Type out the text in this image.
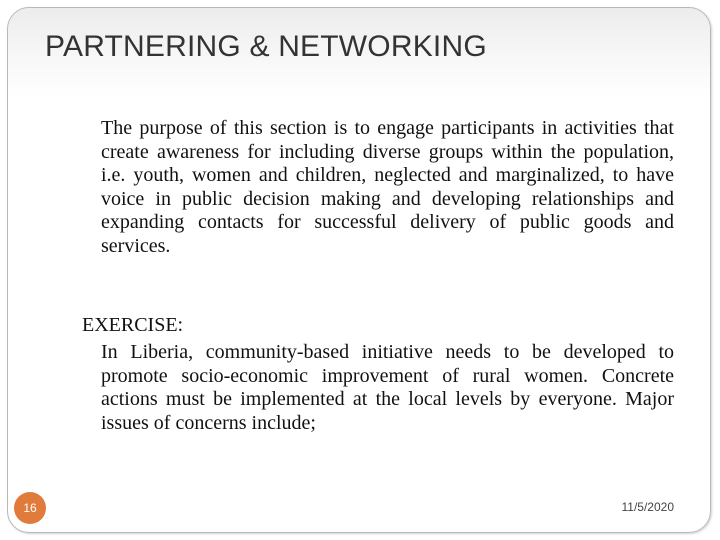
PARTNERING & NETWORKING
The purpose of this section is to engage participants in activities that create awareness for including diverse groups within the population, i.e. youth, women and children, neglected and marginalized, to have voice in public decision making and developing relationships and expanding contacts for successful delivery of public goods and services.
EXERCISE:
In Liberia, community-based initiative needs to be developed to promote socio-economic improvement of rural women. Concrete actions must be implemented at the local levels by everyone. Major issues of concerns include;
16	11/5/2020
